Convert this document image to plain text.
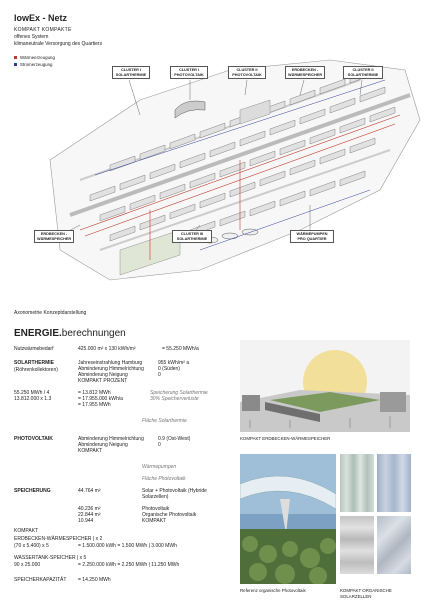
lowEx - Netz
KOMPAKT KOMPAKTE
offenes System
klimaneutrale Versorgung des Quartiers
Wärmeerzeugung
Stromerzeugung
CLUSTER I SOLARTHERMIE
CLUSTER I PHOTOVOLTAIK
CLUSTER II PHOTOVOLTAIK
ERDBECKEN - WÄRMESPEICHER
CLUSTER II SOLARTHERMIE
ERDBECKEN - WÄRMESPEICHER
CLUSTER III SOLARTHERMIE
WÄRMEPUMPEN PRO QUARTIER
Axonometrie Konzeptdarstellung
ENERGIE.berechnungen
Nutzwärmebedarf	425.000 m² x 130 kWh/m²	= 55.250 MWh/a
SOLARTHERMIE
(Röhrenkollektoren)
Jahreseinstrahlung Hamburg	955 kWh/m² a
Abminderung Himmelrichtung	0 (Süden)
Abminderung Neigung	0
KOMPAKT PROZENT
55.250 MWh / 4	= 13.812 MWh	Speicherung Solarthermie
13.812.000 x 1.3	= 17.955.000 kWh/a	30% Speicherverluste
= 17.955 MWh
Fläche Solarthermie
PHOTOVOLTAIK	Abminderung Himmelrichtung	0.9 (Ost-West)
Abminderung Neigung	0
KOMPAKT
Wärmepumpen
Fläche Photovoltaik
SPEICHERUNG	44.764 m²	Solar + Photovoltaik (Hybride Solarzellen)
40.236 m²	Photovoltaik
22.844 m²	Organische Photovoltaik
10.944	KOMPAKT
KOMPAKT
ERDBECKEN-WÄRMESPEICHER | x 2
(70 x 5.400) x 5	= 1.500.000 kWh = 1.500 MWh | 3.000 MWh
WASSERTANK-SPEICHER | x 5
90 x 25.000	= 2.250.000 kWh = 2.250 MWh | 11.250 MWh
SPEICHERKAPAZITÄT = 14.250 MWh
KOMPAKT ERDBECKEN-WÄRMESPEICHER
Referenz organische Photovoltaik	KOMPAKT ORGANISCHE SOLARZELLEN
